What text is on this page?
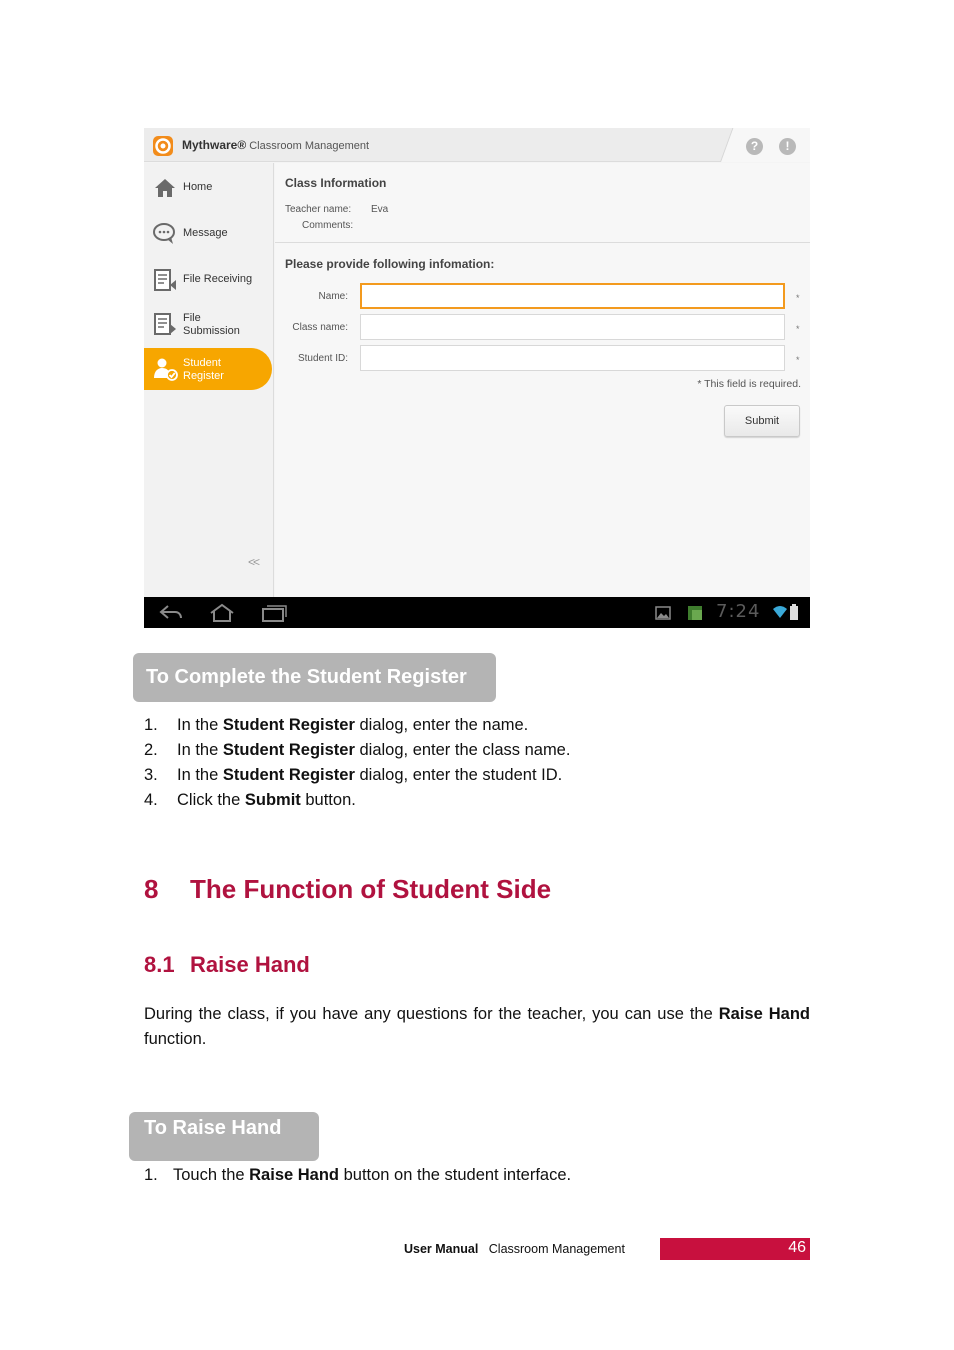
Mythware® Classroom Management	?	!
Home
Message
File Receiving
File
Submission
Student
Register
<<
Class Information
Teacher name: Eva
Comments:
Please provide following infomation:
Name:	*
Class name:	*
Student ID:	*
* This field is required.
Submit
7:24
To Complete the Student Register
1. In the Student Register dialog, enter the name.
2. In the Student Register dialog, enter the class name.
3. In the Student Register dialog, enter the student ID.
4. Click the Submit button.
8 The Function of Student Side
8.1 Raise Hand

During the class, if you have any questions for the teacher, you can use the Raise Hand function.

To Raise Hand
1. Touch the Raise Hand button on the student interface.
User Manual Classroom Management	46
